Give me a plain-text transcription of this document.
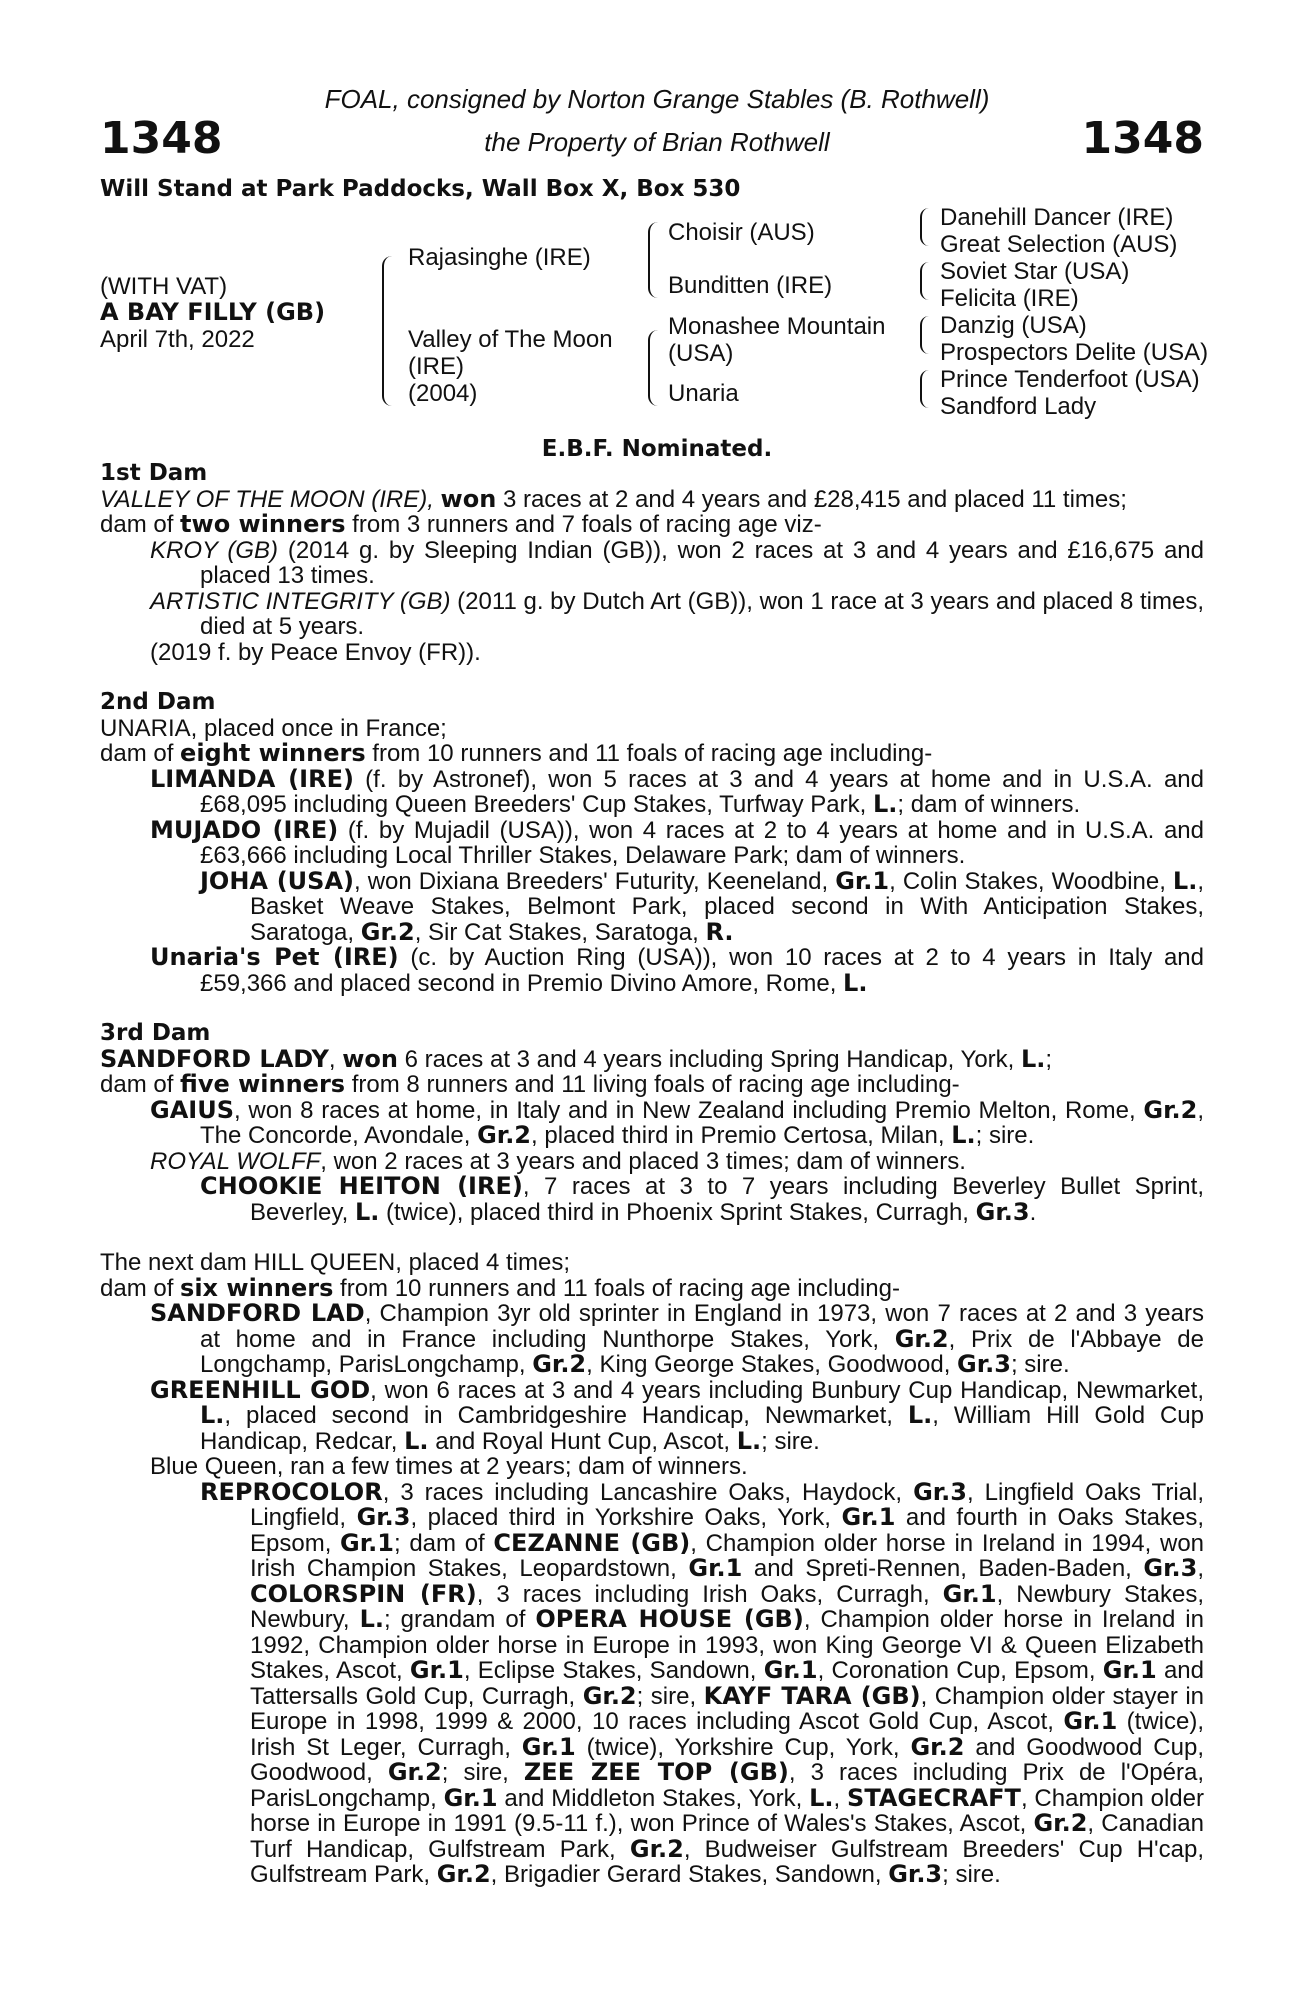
FOAL, consigned by Norton Grange Stables (B. Rothwell)
1348	the Property of Brian Rothwell	1348
Will Stand at Park Paddocks, Wall Box X, Box 530
(WITH VAT)
A BAY FILLY (GB)
April 7th, 2022
Rajasinghe (IRE)
Valley of The Moon
(IRE)
(2004)
Choisir (AUS)
Bunditten (IRE)
Monashee Mountain
(USA)
Unaria
Danehill Dancer (IRE)
Great Selection (AUS)
Soviet Star (USA)
Felicita (IRE)
Danzig (USA)
Prospectors Delite (USA)
Prince Tenderfoot (USA)
Sandford Lady
E.B.F. Nominated.
1st Dam
VALLEY OF THE MOON (IRE), won 3 races at 2 and 4 years and £28,415 and placed 11 times;
dam of two winners from 3 runners and 7 foals of racing age viz-
KROY (GB) (2014 g. by Sleeping Indian (GB)), won 2 races at 3 and 4 years and £16,675 and placed 13 times.
ARTISTIC INTEGRITY (GB) (2011 g. by Dutch Art (GB)), won 1 race at 3 years and placed 8 times, died at 5 years.
(2019 f. by Peace Envoy (FR)).
2nd Dam
UNARIA, placed once in France;
dam of eight winners from 10 runners and 11 foals of racing age including-
LIMANDA (IRE) (f. by Astronef), won 5 races at 3 and 4 years at home and in U.S.A. and £68,095 including Queen Breeders' Cup Stakes, Turfway Park, L.; dam of winners.
MUJADO (IRE) (f. by Mujadil (USA)), won 4 races at 2 to 4 years at home and in U.S.A. and £63,666 including Local Thriller Stakes, Delaware Park; dam of winners.
JOHA (USA), won Dixiana Breeders' Futurity, Keeneland, Gr.1, Colin Stakes, Woodbine, L., Basket Weave Stakes, Belmont Park, placed second in With Anticipation Stakes, Saratoga, Gr.2, Sir Cat Stakes, Saratoga, R.
Unaria's Pet (IRE) (c. by Auction Ring (USA)), won 10 races at 2 to 4 years in Italy and £59,366 and placed second in Premio Divino Amore, Rome, L.
3rd Dam
SANDFORD LADY, won 6 races at 3 and 4 years including Spring Handicap, York, L.;
dam of five winners from 8 runners and 11 living foals of racing age including-
GAIUS, won 8 races at home, in Italy and in New Zealand including Premio Melton, Rome, Gr.2, The Concorde, Avondale, Gr.2, placed third in Premio Certosa, Milan, L.; sire.
ROYAL WOLFF, won 2 races at 3 years and placed 3 times; dam of winners.
CHOOKIE HEITON (IRE), 7 races at 3 to 7 years including Beverley Bullet Sprint, Beverley, L. (twice), placed third in Phoenix Sprint Stakes, Curragh, Gr.3.
The next dam HILL QUEEN, placed 4 times;
dam of six winners from 10 runners and 11 foals of racing age including-
SANDFORD LAD, Champion 3yr old sprinter in England in 1973, won 7 races at 2 and 3 years at home and in France including Nunthorpe Stakes, York, Gr.2, Prix de l'Abbaye de Longchamp, ParisLongchamp, Gr.2, King George Stakes, Goodwood, Gr.3; sire.
GREENHILL GOD, won 6 races at 3 and 4 years including Bunbury Cup Handicap, Newmarket, L., placed second in Cambridgeshire Handicap, Newmarket, L., William Hill Gold Cup Handicap, Redcar, L. and Royal Hunt Cup, Ascot, L.; sire.
Blue Queen, ran a few times at 2 years; dam of winners.
REPROCOLOR, 3 races including Lancashire Oaks, Haydock, Gr.3, Lingfield Oaks Trial, Lingfield, Gr.3, placed third in Yorkshire Oaks, York, Gr.1 and fourth in Oaks Stakes, Epsom, Gr.1; dam of CEZANNE (GB), Champion older horse in Ireland in 1994, won Irish Champion Stakes, Leopardstown, Gr.1 and Spreti-Rennen, Baden-Baden, Gr.3, COLORSPIN (FR), 3 races including Irish Oaks, Curragh, Gr.1, Newbury Stakes, Newbury, L.; grandam of OPERA HOUSE (GB), Champion older horse in Ireland in 1992, Champion older horse in Europe in 1993, won King George VI & Queen Elizabeth Stakes, Ascot, Gr.1, Eclipse Stakes, Sandown, Gr.1, Coronation Cup, Epsom, Gr.1 and Tattersalls Gold Cup, Curragh, Gr.2; sire, KAYF TARA (GB), Champion older stayer in Europe in 1998, 1999 & 2000, 10 races including Ascot Gold Cup, Ascot, Gr.1 (twice), Irish St Leger, Curragh, Gr.1 (twice), Yorkshire Cup, York, Gr.2 and Goodwood Cup, Goodwood, Gr.2; sire, ZEE ZEE TOP (GB), 3 races including Prix de l'Opéra, ParisLongchamp, Gr.1 and Middleton Stakes, York, L., STAGECRAFT, Champion older horse in Europe in 1991 (9.5-11 f.), won Prince of Wales's Stakes, Ascot, Gr.2, Canadian Turf Handicap, Gulfstream Park, Gr.2, Budweiser Gulfstream Breeders' Cup H'cap, Gulfstream Park, Gr.2, Brigadier Gerard Stakes, Sandown, Gr.3; sire.
